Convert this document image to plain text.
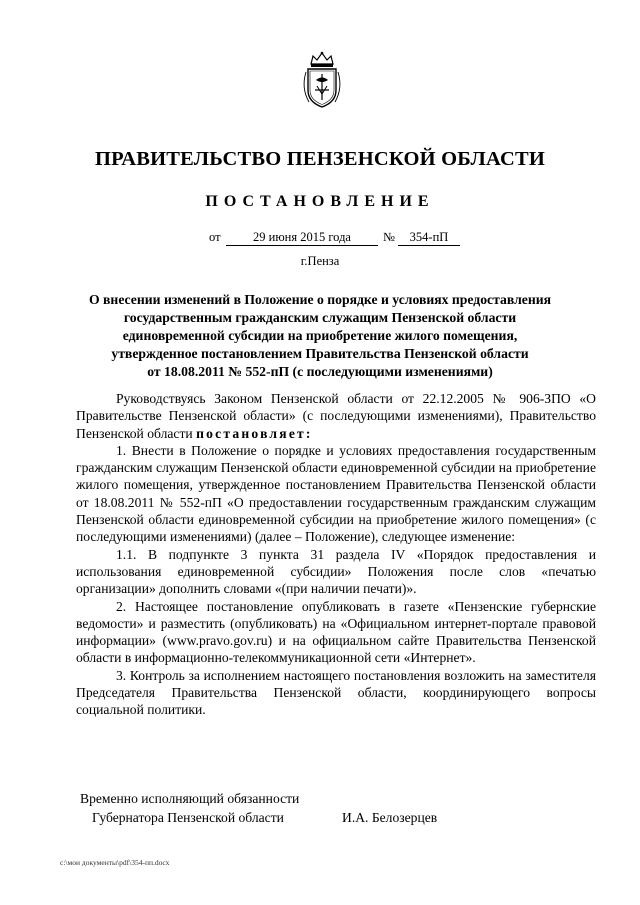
ПРАВИТЕЛЬСТВО ПЕНЗЕНСКОЙ ОБЛАСТИ
ПОСТАНОВЛЕНИЕ
от	29 июня 2015 года	№	354-пП
г.Пенза
О внесении изменений в Положение о порядке и условиях предоставления
государственным гражданским служащим Пензенской области
единовременной субсидии на приобретение жилого помещения,
утвержденное постановлением Правительства Пензенской области
от 18.08.2011 № 552-пП (с последующими изменениями)

Руководствуясь Законом Пензенской области от 22.12.2005 № 906-ЗПО «О Правительстве Пензенской области» (с последующими изменениями), Правительство Пензенской области постановляет:

1. Внести в Положение о порядке и условиях предоставления государственным гражданским служащим Пензенской области единовременной субсидии на приобретение жилого помещения, утвержденное постановлением Правительства Пензенской области от 18.08.2011 № 552-пП «О предоставлении государственным гражданским служащим Пензенской области единовременной субсидии на приобретение жилого помещения» (с последующими изменениями) (далее – Положение), следующее изменение:

1.1. В подпункте 3 пункта 31 раздела IV «Порядок предоставления и использования единовременной субсидии» Положения после слов «печатью организации» дополнить словами «(при наличии печати)».

2. Настоящее постановление опубликовать в газете «Пензенские губернские ведомости» и разместить (опубликовать) на «Официальном интернет-портале правовой информации» (www.pravo.gov.ru) и на официальном сайте Правительства Пензенской области в информационно-телекоммуникационной сети «Интернет».

3. Контроль за исполнением настоящего постановления возложить на заместителя Председателя Правительства Пензенской области, координирующего вопросы социальной политики.

Временно исполняющий обязанности
Губернатора Пензенской области	И.А. Белозерцев
c:\мои документы\pdf\354-пп.docx
